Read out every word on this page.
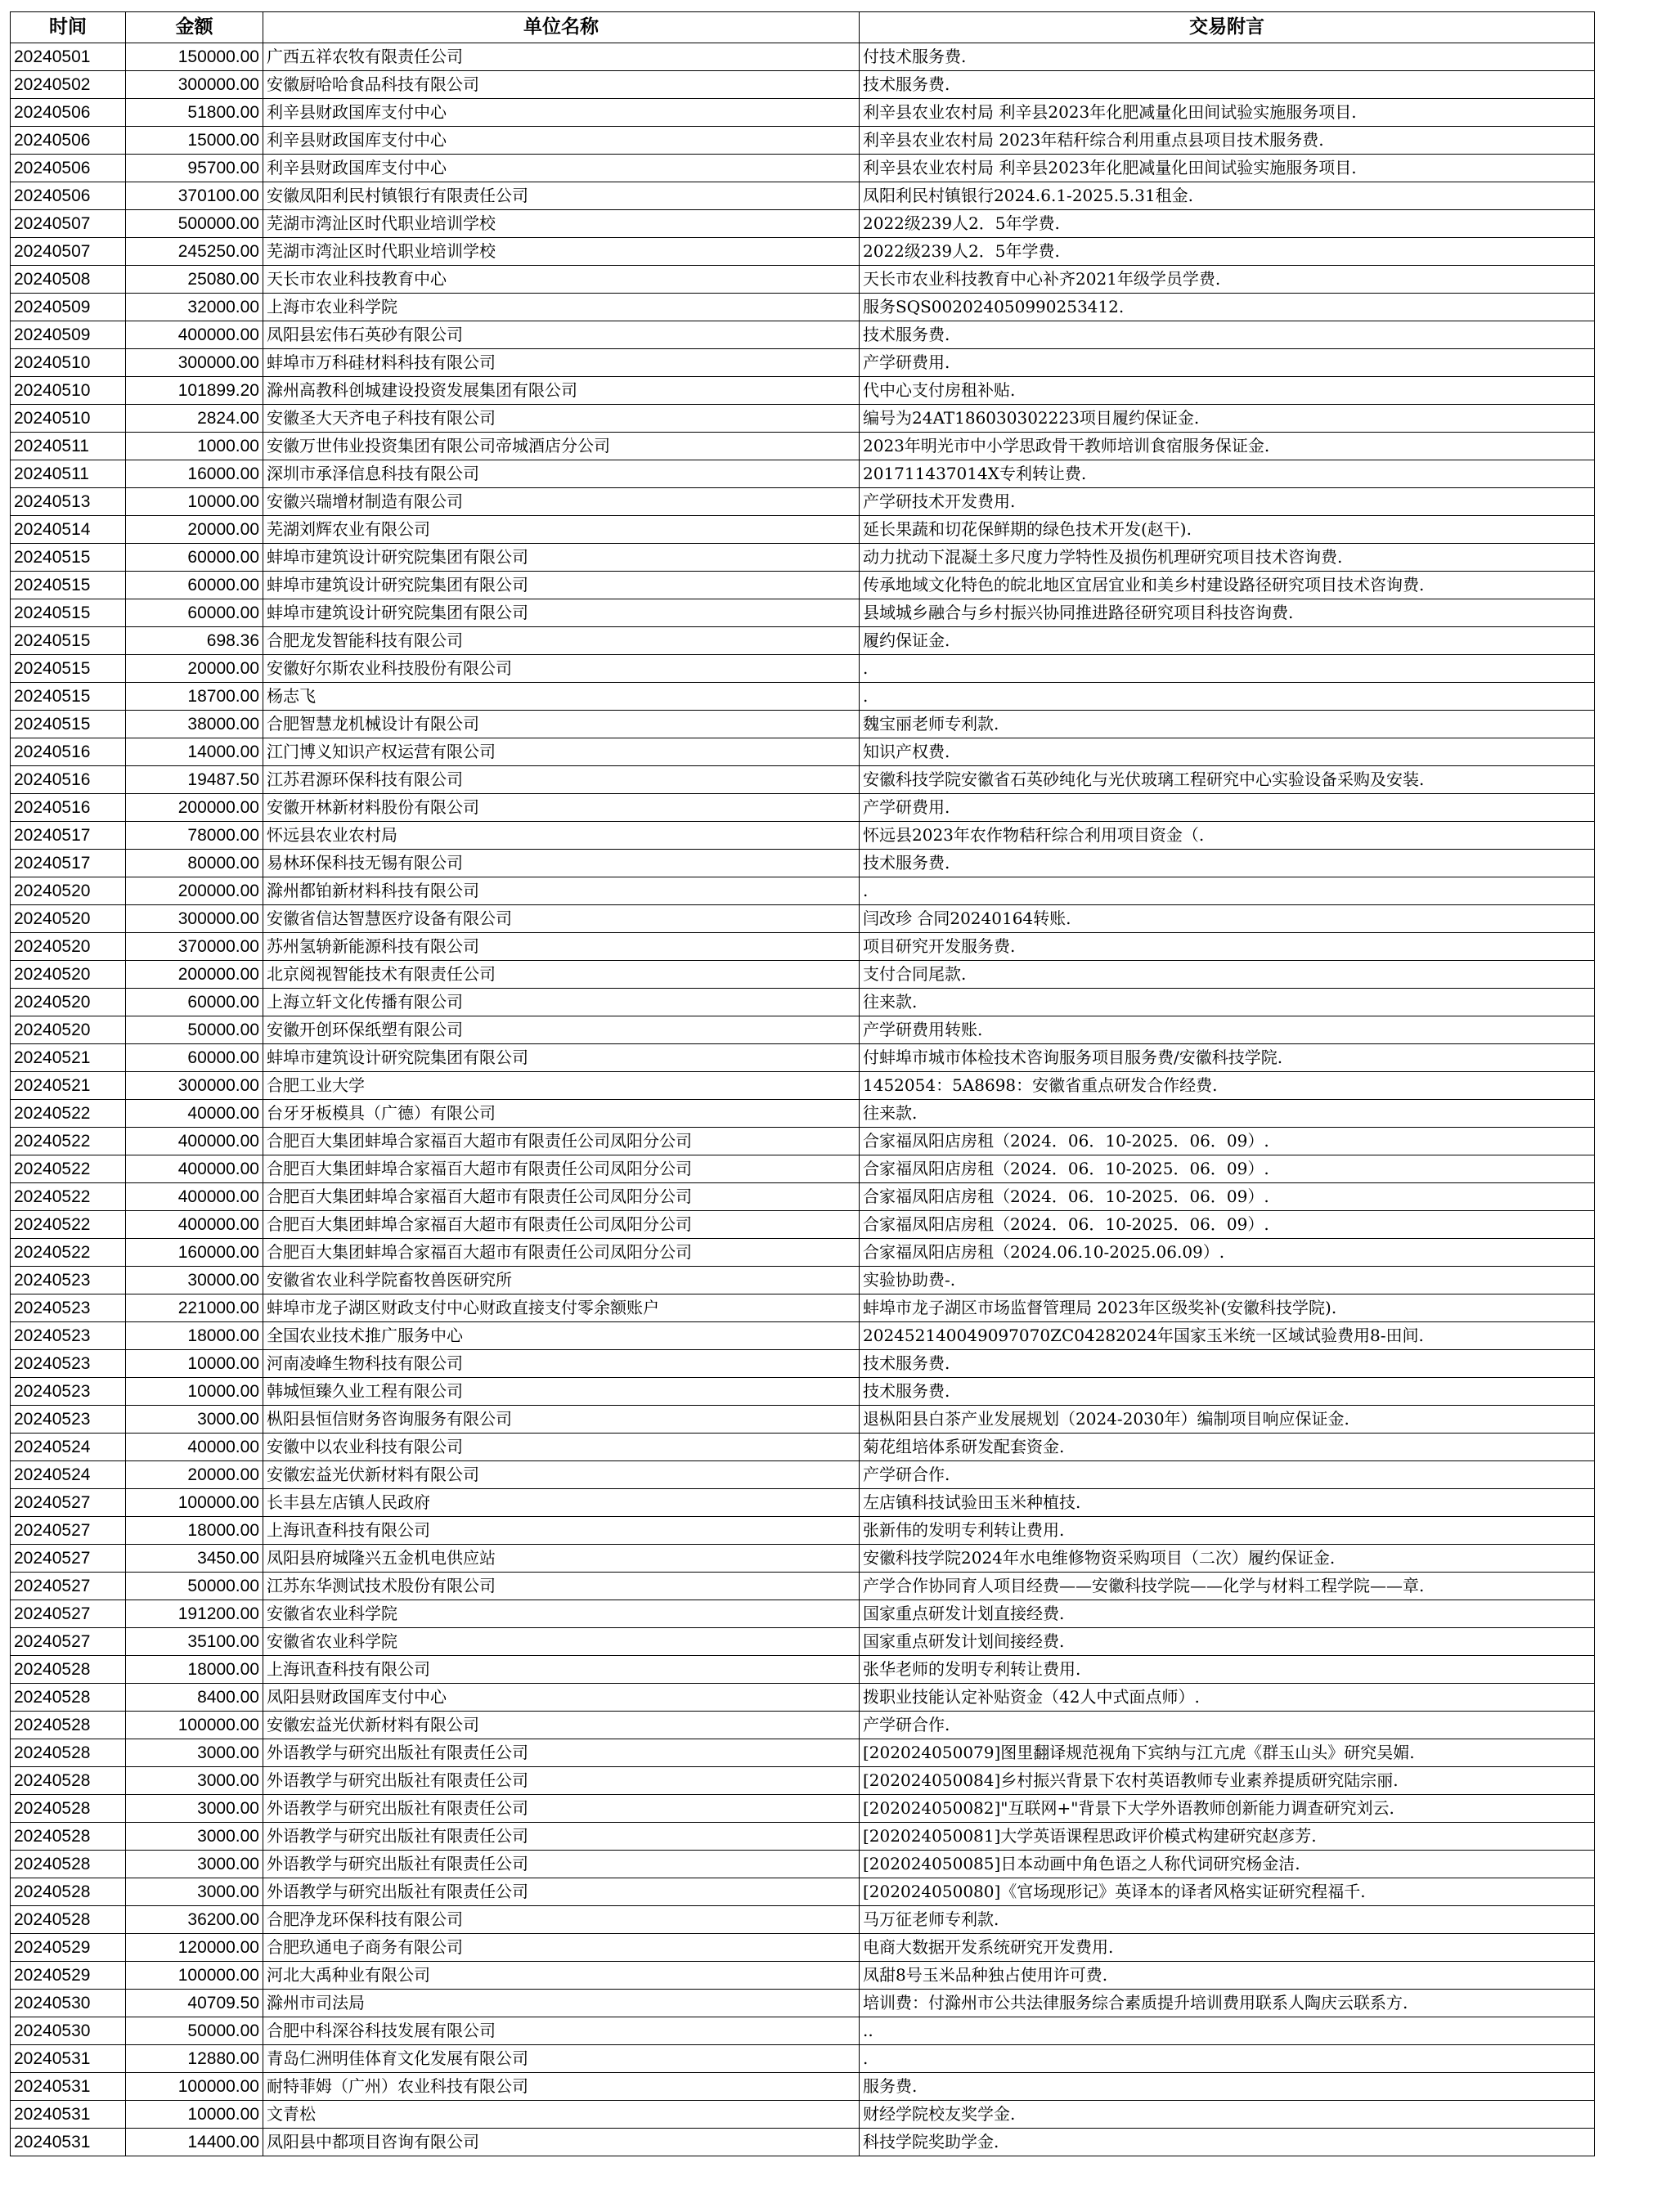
时间	金额	单位名称	交易附言
20240501	150000.00	广西五祥农牧有限责任公司	付技术服务费.
20240502	300000.00	安徽厨哈哈食品科技有限公司	技术服务费.
20240506	51800.00	利辛县财政国库支付中心	利辛县农业农村局 利辛县2023年化肥减量化田间试验实施服务项目.
20240506	15000.00	利辛县财政国库支付中心	利辛县农业农村局 2023年秸秆综合利用重点县项目技术服务费.
20240506	95700.00	利辛县财政国库支付中心	利辛县农业农村局 利辛县2023年化肥减量化田间试验实施服务项目.
20240506	370100.00	安徽凤阳利民村镇银行有限责任公司	凤阳利民村镇银行2024.6.1-2025.5.31租金.
20240507	500000.00	芜湖市湾沚区时代职业培训学校	2022级239人2．5年学费.
20240507	245250.00	芜湖市湾沚区时代职业培训学校	2022级239人2．5年学费.
20240508	25080.00	天长市农业科技教育中心	天长市农业科技教育中心补齐2021年级学员学费.
20240509	32000.00	上海市农业科学院	服务SQS00202405099025341​2.
20240509	400000.00	凤阳县宏伟石英砂有限公司	技术服务费.
20240510	300000.00	蚌埠市万科硅材料科技有限公司	产学研费用.
20240510	101899.20	滁州高教科创城建设投资发展集团有限公司	代中心支付房租补贴.
20240510	2824.00	安徽圣大天齐电子科技有限公司	编号为24AT186030302223项目履约保证金.
20240511	1000.00	安徽万世伟业投资集团有限公司帝城酒店分公司	2023年明光市中小学思政骨干教师培训食宿服务保证金.
20240511	16000.00	深圳市承泽信息科技有限公司	201711437014X专利转让费.
20240513	10000.00	安徽兴瑞增材制造有限公司	产学研技术开发费用.
20240514	20000.00	芜湖刘辉农业有限公司	延长果蔬和切花保鲜期的绿色技术开发(赵干).
20240515	60000.00	蚌埠市建筑设计研究院集团有限公司	动力扰动下混凝土多尺度力学特性及损伤机理研究项目技术咨询费.
20240515	60000.00	蚌埠市建筑设计研究院集团有限公司	传承地域文化特色的皖北地区宜居宜业和美乡村建设路径研究项目技术咨询费.
20240515	60000.00	蚌埠市建筑设计研究院集团有限公司	县域城乡融合与乡村振兴协同推进路径研究项目科技咨询费.
20240515	698.36	合肥龙发智能科技有限公司	履约保证金.
20240515	20000.00	安徽好尔斯农业科技股份有限公司	.
20240515	18700.00	杨志飞	.
20240515	38000.00	合肥智慧龙机械设计有限公司	魏宝丽老师专利款.
20240516	14000.00	江门博义知识产权运营有限公司	知识产权费.
20240516	19487.50	江苏君源环保科技有限公司	安徽科技学院安徽省石英砂纯化与光伏玻璃工程研究中心实验设备采购及安装.
20240516	200000.00	安徽开林新材料股份有限公司	产学研费用.
20240517	78000.00	怀远县农业农村局	怀远县2023年农作物秸秆综合利用项目资金（.
20240517	80000.00	易林环保科技无锡有限公司	技术服务费.
20240520	200000.00	滁州都铂新材料科技有限公司	.
20240520	300000.00	安徽省信达智慧医疗设备有限公司	闫改珍 合同20240164转账.
20240520	370000.00	苏州氢辀新能源科技有限公司	项目研究开发服务费.
20240520	200000.00	北京阅视智能技术有限责任公司	支付合同尾款.
20240520	60000.00	上海立轩文化传播有限公司	往来款.
20240520	50000.00	安徽开创环保纸塑有限公司	产学研费用转账.
20240521	60000.00	蚌埠市建筑设计研究院集团有限公司	付蚌埠市城市体检技术咨询服务项目服务费/安徽科技学院.
20240521	300000.00	合肥工业大学	1452054：5A8698：安徽省重点研发合作经费.
20240522	40000.00	台牙牙板模具（广德）有限公司	往来款.
20240522	400000.00	合肥百大集团蚌埠合家福百大超市有限责任公司凤阳分公司	合家福凤阳店房租（2024．06．10-2025．06．09）.
20240522	400000.00	合肥百大集团蚌埠合家福百大超市有限责任公司凤阳分公司	合家福凤阳店房租（2024．06．10-2025．06．09）.
20240522	400000.00	合肥百大集团蚌埠合家福百大超市有限责任公司凤阳分公司	合家福凤阳店房租（2024．06．10-2025．06．09）.
20240522	400000.00	合肥百大集团蚌埠合家福百大超市有限责任公司凤阳分公司	合家福凤阳店房租（2024．06．10-2025．06．09）.
20240522	160000.00	合肥百大集团蚌埠合家福百大超市有限责任公司凤阳分公司	合家福凤阳店房租（2024.06.10-2025.06.09）.
20240523	30000.00	安徽省农业科学院畜牧兽医研究所	实验协助费-.
20240523	221000.00	蚌埠市龙子湖区财政支付中心财政直接支付零余额账户	蚌埠市龙子湖区市场监督管理局 2023年区级奖补(安徽科技学院).
20240523	18000.00	全国农业技术推广服务中心	20245214004909707​0ZC04282024年国家玉米统一区域试验费用8-田间.
20240523	10000.00	河南凌峰生物科技有限公司	技术服务费.
20240523	10000.00	韩城恒臻久业工程有限公司	技术服务费.
20240523	3000.00	枞阳县恒信财务咨询服务有限公司	退枞阳县白茶产业发展规划（2024-2030年）编制项目响应保证金.
20240524	40000.00	安徽中以农业科技有限公司	菊花组培体系研发配套资金.
20240524	20000.00	安徽宏益光伏新材料有限公司	产学研合作.
20240527	100000.00	长丰县左店镇人民政府	左店镇科技试验田玉米种植技.
20240527	18000.00	上海讯查科技有限公司	张新伟的发明专利转让费用.
20240527	3450.00	凤阳县府城隆兴五金机电供应站	安徽科技学院2024年水电维修物资采购项目（二次）履约保证金.
20240527	50000.00	江苏东华测试技术股份有限公司	产学合作协同育人项目经费——安徽科技学院——化学与材料工程学院——章.
20240527	191200.00	安徽省农业科学院	国家重点研发计划直接经费.
20240527	35100.00	安徽省农业科学院	国家重点研发计划间接经费.
20240528	18000.00	上海讯查科技有限公司	张华老师的发明专利转让费用.
20240528	8400.00	凤阳县财政国库支付中心	拨职业技能认定补贴资金（42人中式面点师）.
20240528	100000.00	安徽宏益光伏新材料有限公司	产学研合作.
20240528	3000.00	外语教学与研究出版社有限责任公司	[202024050079]图里翻译规范视角下宾纳与江亢虎《群玉山头》研究吴媚.
20240528	3000.00	外语教学与研究出版社有限责任公司	[202024050084]乡村振兴背景下农村英语教师专业素养提质研究陆宗丽.
20240528	3000.00	外语教学与研究出版社有限责任公司	[202024050082]"互联网+"背景下大学外语教师创新能力调查研究刘云.
20240528	3000.00	外语教学与研究出版社有限责任公司	[202024050081]大学英语课程思政评价模式构建研究赵彦芳.
20240528	3000.00	外语教学与研究出版社有限责任公司	[202024050085]日本动画中角色语之人称代词研究杨金洁.
20240528	3000.00	外语教学与研究出版社有限责任公司	[202024050080]《官场现形记》英译本的译者风格实证研究程福千.
20240528	36200.00	合肥净龙环保科技有限公司	马万征老师专利款.
20240529	120000.00	合肥玖通电子商务有限公司	电商大数据开发系统研究开发费用.
20240529	100000.00	河北大禹种业有限公司	凤甜8号玉米品种独占使用许可费.
20240530	40709.50	滁州市司法局	培训费：付滁州市公共法律服务综合素质提升培训费用联系人陶庆云联系方.
20240530	50000.00	合肥中科深谷科技发展有限公司	..
20240531	12880.00	青岛仁洲明佳体育文化发展有限公司	.
20240531	100000.00	耐特菲姆（广州）农业科技有限公司	服务费.
20240531	10000.00	文青松	财经学院校友奖学金.
20240531	14400.00	凤阳县中都项目咨询有限公司	科技学院奖助学金.
